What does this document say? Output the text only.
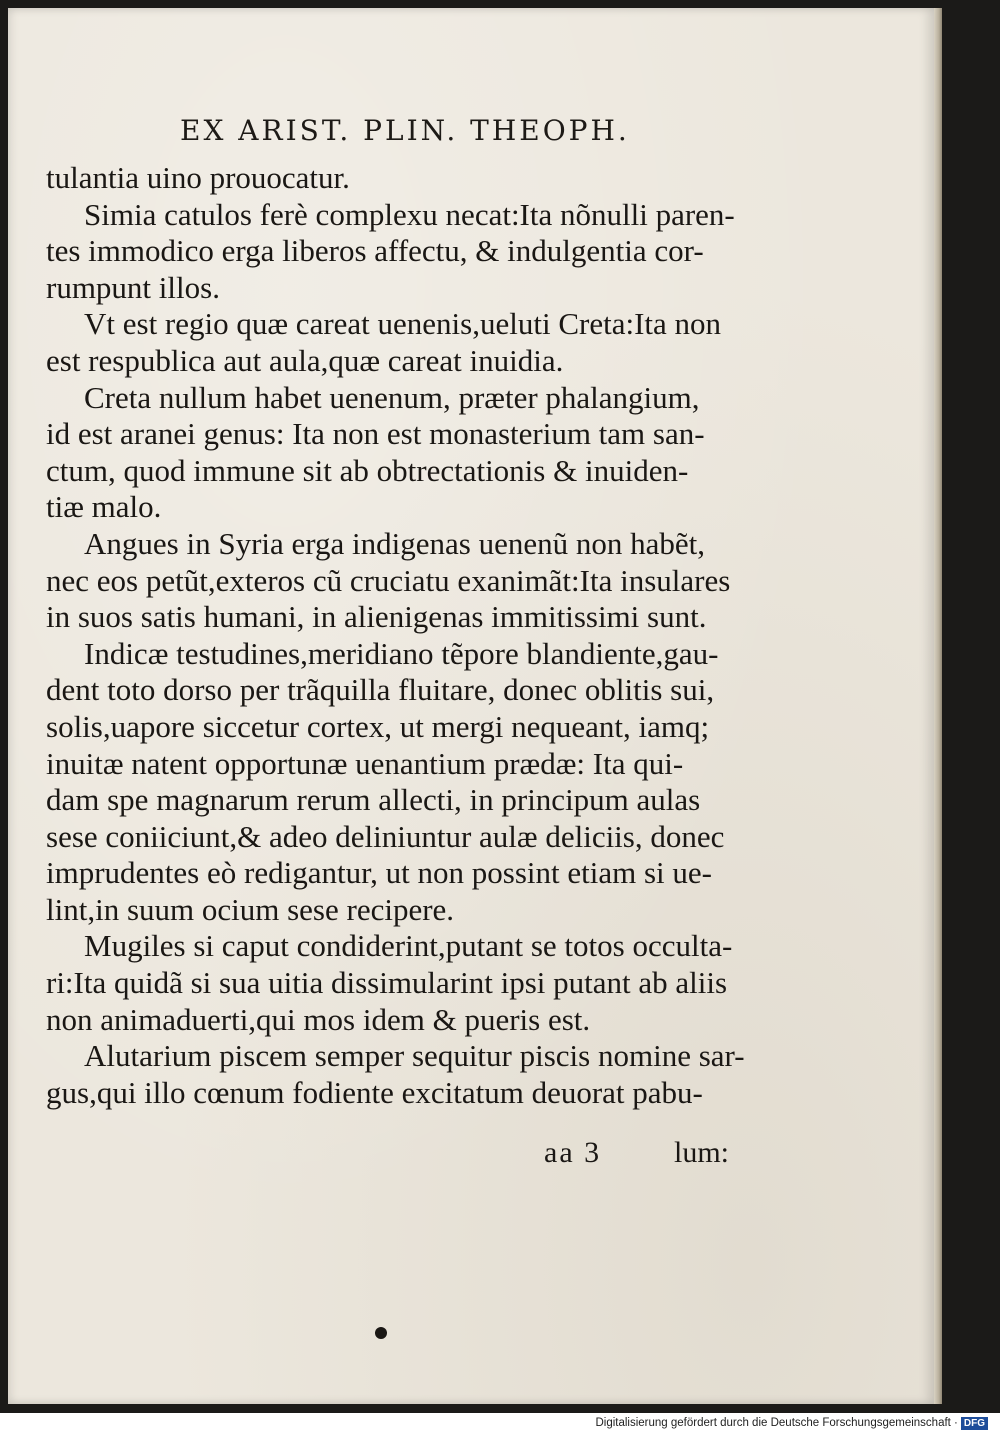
EX ARIST. PLIN. THEOPH.
tulantia uino prouocatur.
Simia catulos ferè complexu necat:Ita nõnulli paren-
tes immodico erga liberos affectu, & indulgentia cor-
rumpunt illos.
Vt est regio quæ careat uenenis,ueluti Creta:Ita non
est respublica aut aula,quæ careat inuidia.
Creta nullum habet uenenum, præter phalangium,
id est aranei genus: Ita non est monasterium tam san-
ctum, quod immune sit ab obtrectationis & inuiden-
tiæ malo.
Angues in Syria erga indigenas uenenũ non habẽt,
nec eos petũt,exteros cũ cruciatu exanimãt:Ita insulares
in suos satis humani, in alienigenas immitissimi sunt.
Indicæ testudines,meridiano tẽpore blandiente,gau-
dent toto dorso per trãquilla fluitare, donec oblitis sui,
solis,uapore siccetur cortex, ut mergi nequeant, iamq;
inuitæ natent opportunæ uenantium prædæ: Ita qui-
dam spe magnarum rerum allecti, in principum aulas
sese coniiciunt,& adeo deliniuntur aulæ deliciis, donec
imprudentes eò redigantur, ut non possint etiam si ue-
lint,in suum ocium sese recipere.
Mugiles si caput condiderint,putant se totos occulta-
ri:Ita quidã si sua uitia dissimularint ipsi putant ab aliis
non animaduerti,qui mos idem & pueris est.
Alutarium piscem semper sequitur piscis nomine sar-
gus,qui illo cœnum fodiente excitatum deuorat pabu-
aa 3 lum:
Digitalisierung gefördert durch die Deutsche Forschungsgemeinschaft · DFG
